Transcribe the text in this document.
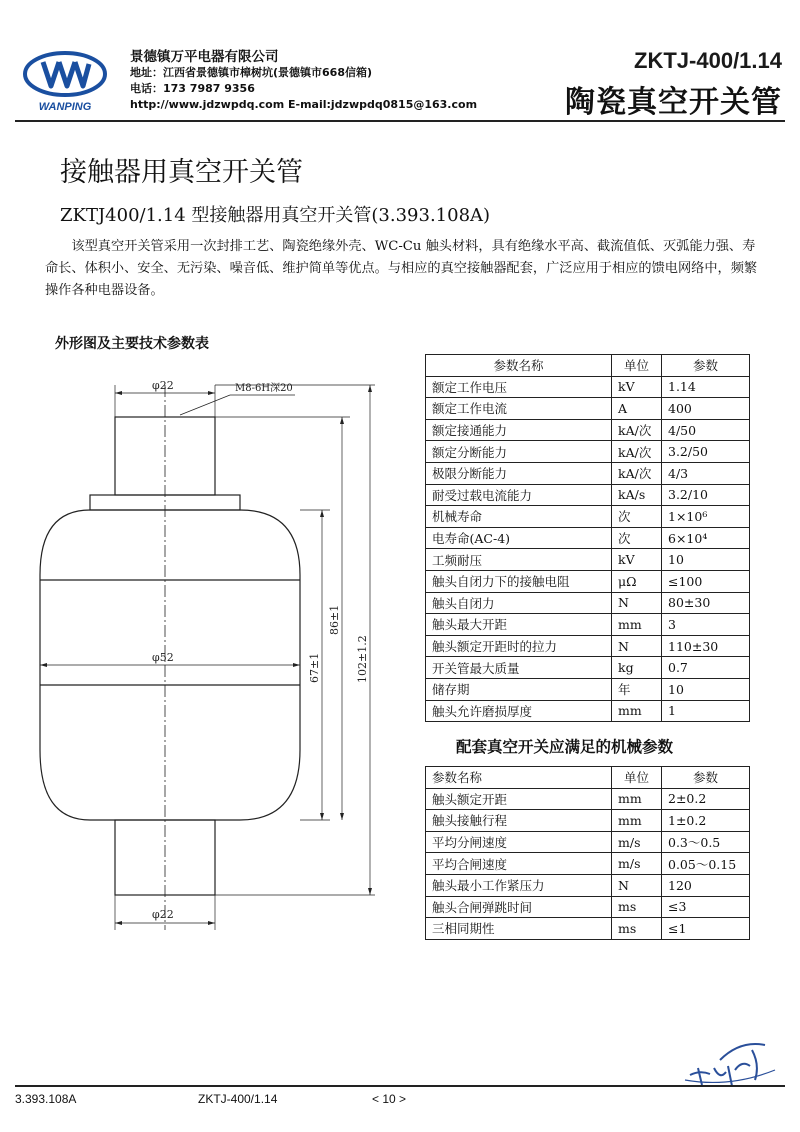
WANPING
景德镇万平电器有限公司
地址：江西省景德镇市樟树坑(景德镇市668信箱)
电话：173 7987 9356
http://www.jdzwpdq.com E-mail:jdzwpdq0815@163.com
ZKTJ-400/1.14
陶瓷真空开关管
接触器用真空开关管
ZKTJ400/1.14 型接触器用真空开关管(3.393.108A)

该型真空开关管采用一次封排工艺、陶瓷绝缘外壳、WC-Cu 触头材料，具有绝缘水平高、截流值低、灭弧能力强、寿命长、体积小、安全、无污染、噪音低、维护简单等优点。与相应的真空接触器配套，广泛应用于相应的馈电网络中，频繁操作各种电器设备。

外形图及主要技术参数表
φ22	M8-6H深20
φ52
φ22
67±1
86±1
102±1.2
参数名称	单位	参数
额定工作电压	kV	1.14
额定工作电流	A	400
额定接通能力	kA/次	4/50
额定分断能力	kA/次	3.2/50
极限分断能力	kA/次	4/3
耐受过载电流能力	kA/s	3.2/10
机械寿命	次	1×10⁶
电寿命(AC-4)	次	6×10⁴
工频耐压	kV	10
触头自闭力下的接触电阻	μΩ	≤100
触头自闭力	N	80±30
触头最大开距	mm	3
触头额定开距时的拉力	N	110±30
开关管最大质量	kg	0.7
储存期	年	10
触头允许磨损厚度	mm	1
配套真空开关应满足的机械参数
参数名称	单位	参数
触头额定开距	mm	2±0.2
触头接触行程	mm	1±0.2
平均分闸速度	m/s	0.3～0.5
平均合闸速度	m/s	0.05～0.15
触头最小工作紧压力	N	120
触头合闸弹跳时间	ms	≤3
三相同期性	ms	≤1
3.393.108A	ZKTJ-400/1.14	< 10 >
